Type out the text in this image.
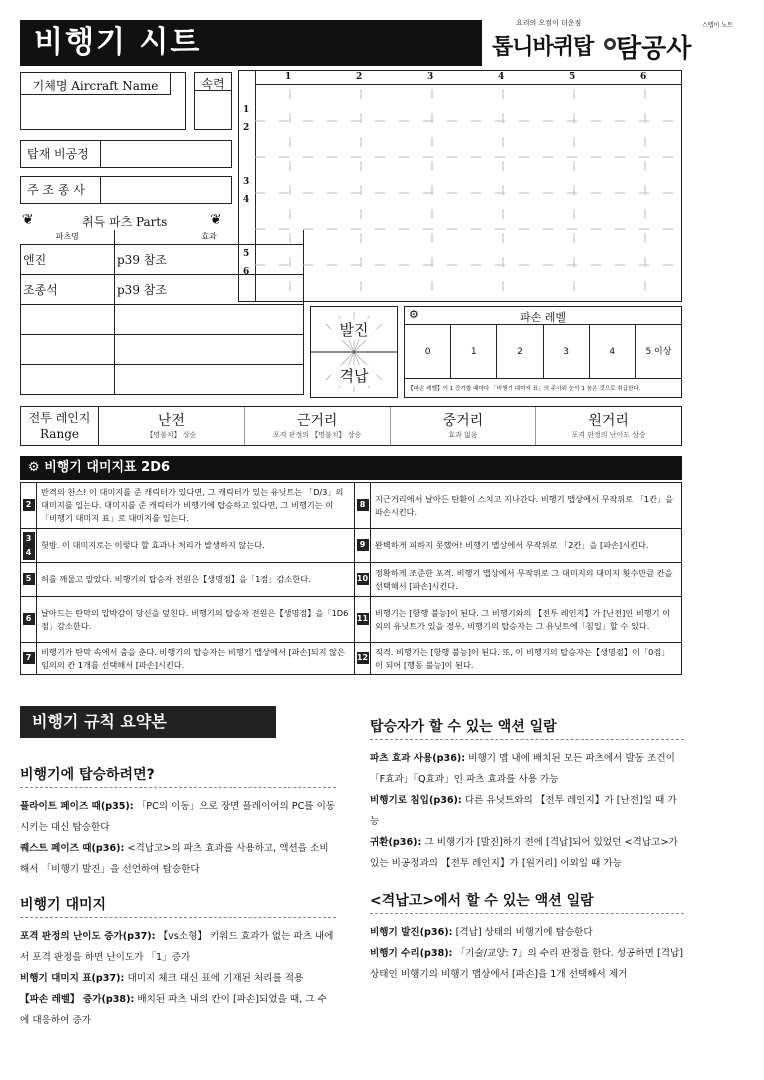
비행기 시트
요리의 오컴이 더운짐
톱니바퀴탑 탐공사
스텝이 노트
기체명 Aircraft Name	속력
탑재 비공정
주 조 종 사
❦	취득 파츠 Parts	❦
파츠명	효과
엔진	p39 참조
조종석	p39 참조

1	2	3	4	5	6
1
2
3
4
5
6
발진
격납
⚙	파손 레벨
0	1	2	3	4	5 이상
【파손 레벨】이 1 증가할 때마다 「비행기 대미지 표」의 주사위 눈이 1 높은 것으로 취급한다.
전투 레인지
Range
난전
【명불치】 상승
근거리
포격 판정의 【명불치】 상승
중거리
효과 없음
원거리
포격 판정의 난이도 상승
⚙ 비행기 대미지표 2D6
2	반격의 찬스! 이 대미지를 준 캐릭터가 있다면, 그 캐릭터가 있는 유닛트는 「D/3」의 대미지를 입는다. 대미지를 준 캐릭터가 비행기에 탑승하고 있다면, 그 비행기는 이 「비행기 대미지 표」로 대미지를 입는다.	8	지근거리에서 날아든 탄환이 스치고 지나간다. 비행기 맵상에서 무작위로 「1칸」을 파손시킨다.
3 4	헛방. 이 대미지로는 이렇다 할 효과나 처리가 발생하지 않는다.	9	완벽하게 피하지 못했어! 비행기 맵상에서 무작위로 「2칸」을 [파손]시킨다.
5	허를 깨물고 말았다. 비행기의 탑승자 전원은【생명점】을「1점」감소한다.	10	정확하게 조준한 포격. 비행기 맵상에서 무작위로 그 대미지의 대미지 횟수만큼 칸을 선택해서 [파손]시킨다.
6	날아드는 탄막의 압박감이 당신을 덮친다. 비행기의 탑승자 전원은【생명점】을「1D6점」감소한다.	11	비행기는 [항행 불능]이 된다. 그 비행기와의 【전투 레인지】가 [난전]인 비행기 이외의 유닛트가 있을 경우, 비행기의 탑승자는 그 유닛트에「침입」할 수 있다.
7	비행기가 탄막 속에서 춤을 춘다. 비행기의 탑승자는 비행기 맵상에서 [파손]되지 않은 임의의 칸 1개를 선택해서 [파손]시킨다.	12	직격. 비행기는 [항행 불능]이 된다. 또, 이 비행기의 탑승자는【생명점】이「0점」이 되어 [행동 불능]이 된다.
비행기 규칙 요약본
비행기에 탑승하려면?
플라이트 페이즈 때(p35): 「PC의 이동」으로 장면 플레이어의 PC를 이동시키는 대신 탑승한다
퀘스트 페이즈 때(p36): <격납고>의 파츠 효과를 사용하고, 액션을 소비해서 「비행기 발진」을 선언하여 탑승한다
비행기 대미지
포격 판정의 난이도 증가(p37): 【vs소형】 키워드 효과가 없는 파츠 내에서 포격 판정을 하면 난이도가 「1」증가
비행기 대미지 표(p37): 대미지 체크 대신 표에 기재된 처리를 적용
【파손 레벨】 증가(p38): 배치된 파츠 내의 칸이 [파손]되었을 때, 그 수에 대응하여 증가
탑승자가 할 수 있는 액션 일람
파츠 효과 사용(p36): 비행기 맵 내에 배치된 모든 파츠에서 발동 조건이 「F효과」「Q효과」인 파츠 효과를 사용 가능
비행기로 침입(p36): 다른 유닛트와의 【전투 레인지】가 [난전]일 때 가능
귀환(p36): 그 비행기가 [발진]하기 전에 [격납]되어 있었던 <격납고>가 있는 비공정과의 【전투 레인지】가 [원거리] 이외일 때 가능
<격납고>에서 할 수 있는 액션 일람
비행기 발진(p36): [격납] 상태의 비행기에 탑승한다
비행기 수리(p38): 「기술/교양: 7」의 수리 판정을 한다. 성공하면 [격납] 상태인 비행기의 비행기 맵상에서 [파손]을 1개 선택해서 제거
